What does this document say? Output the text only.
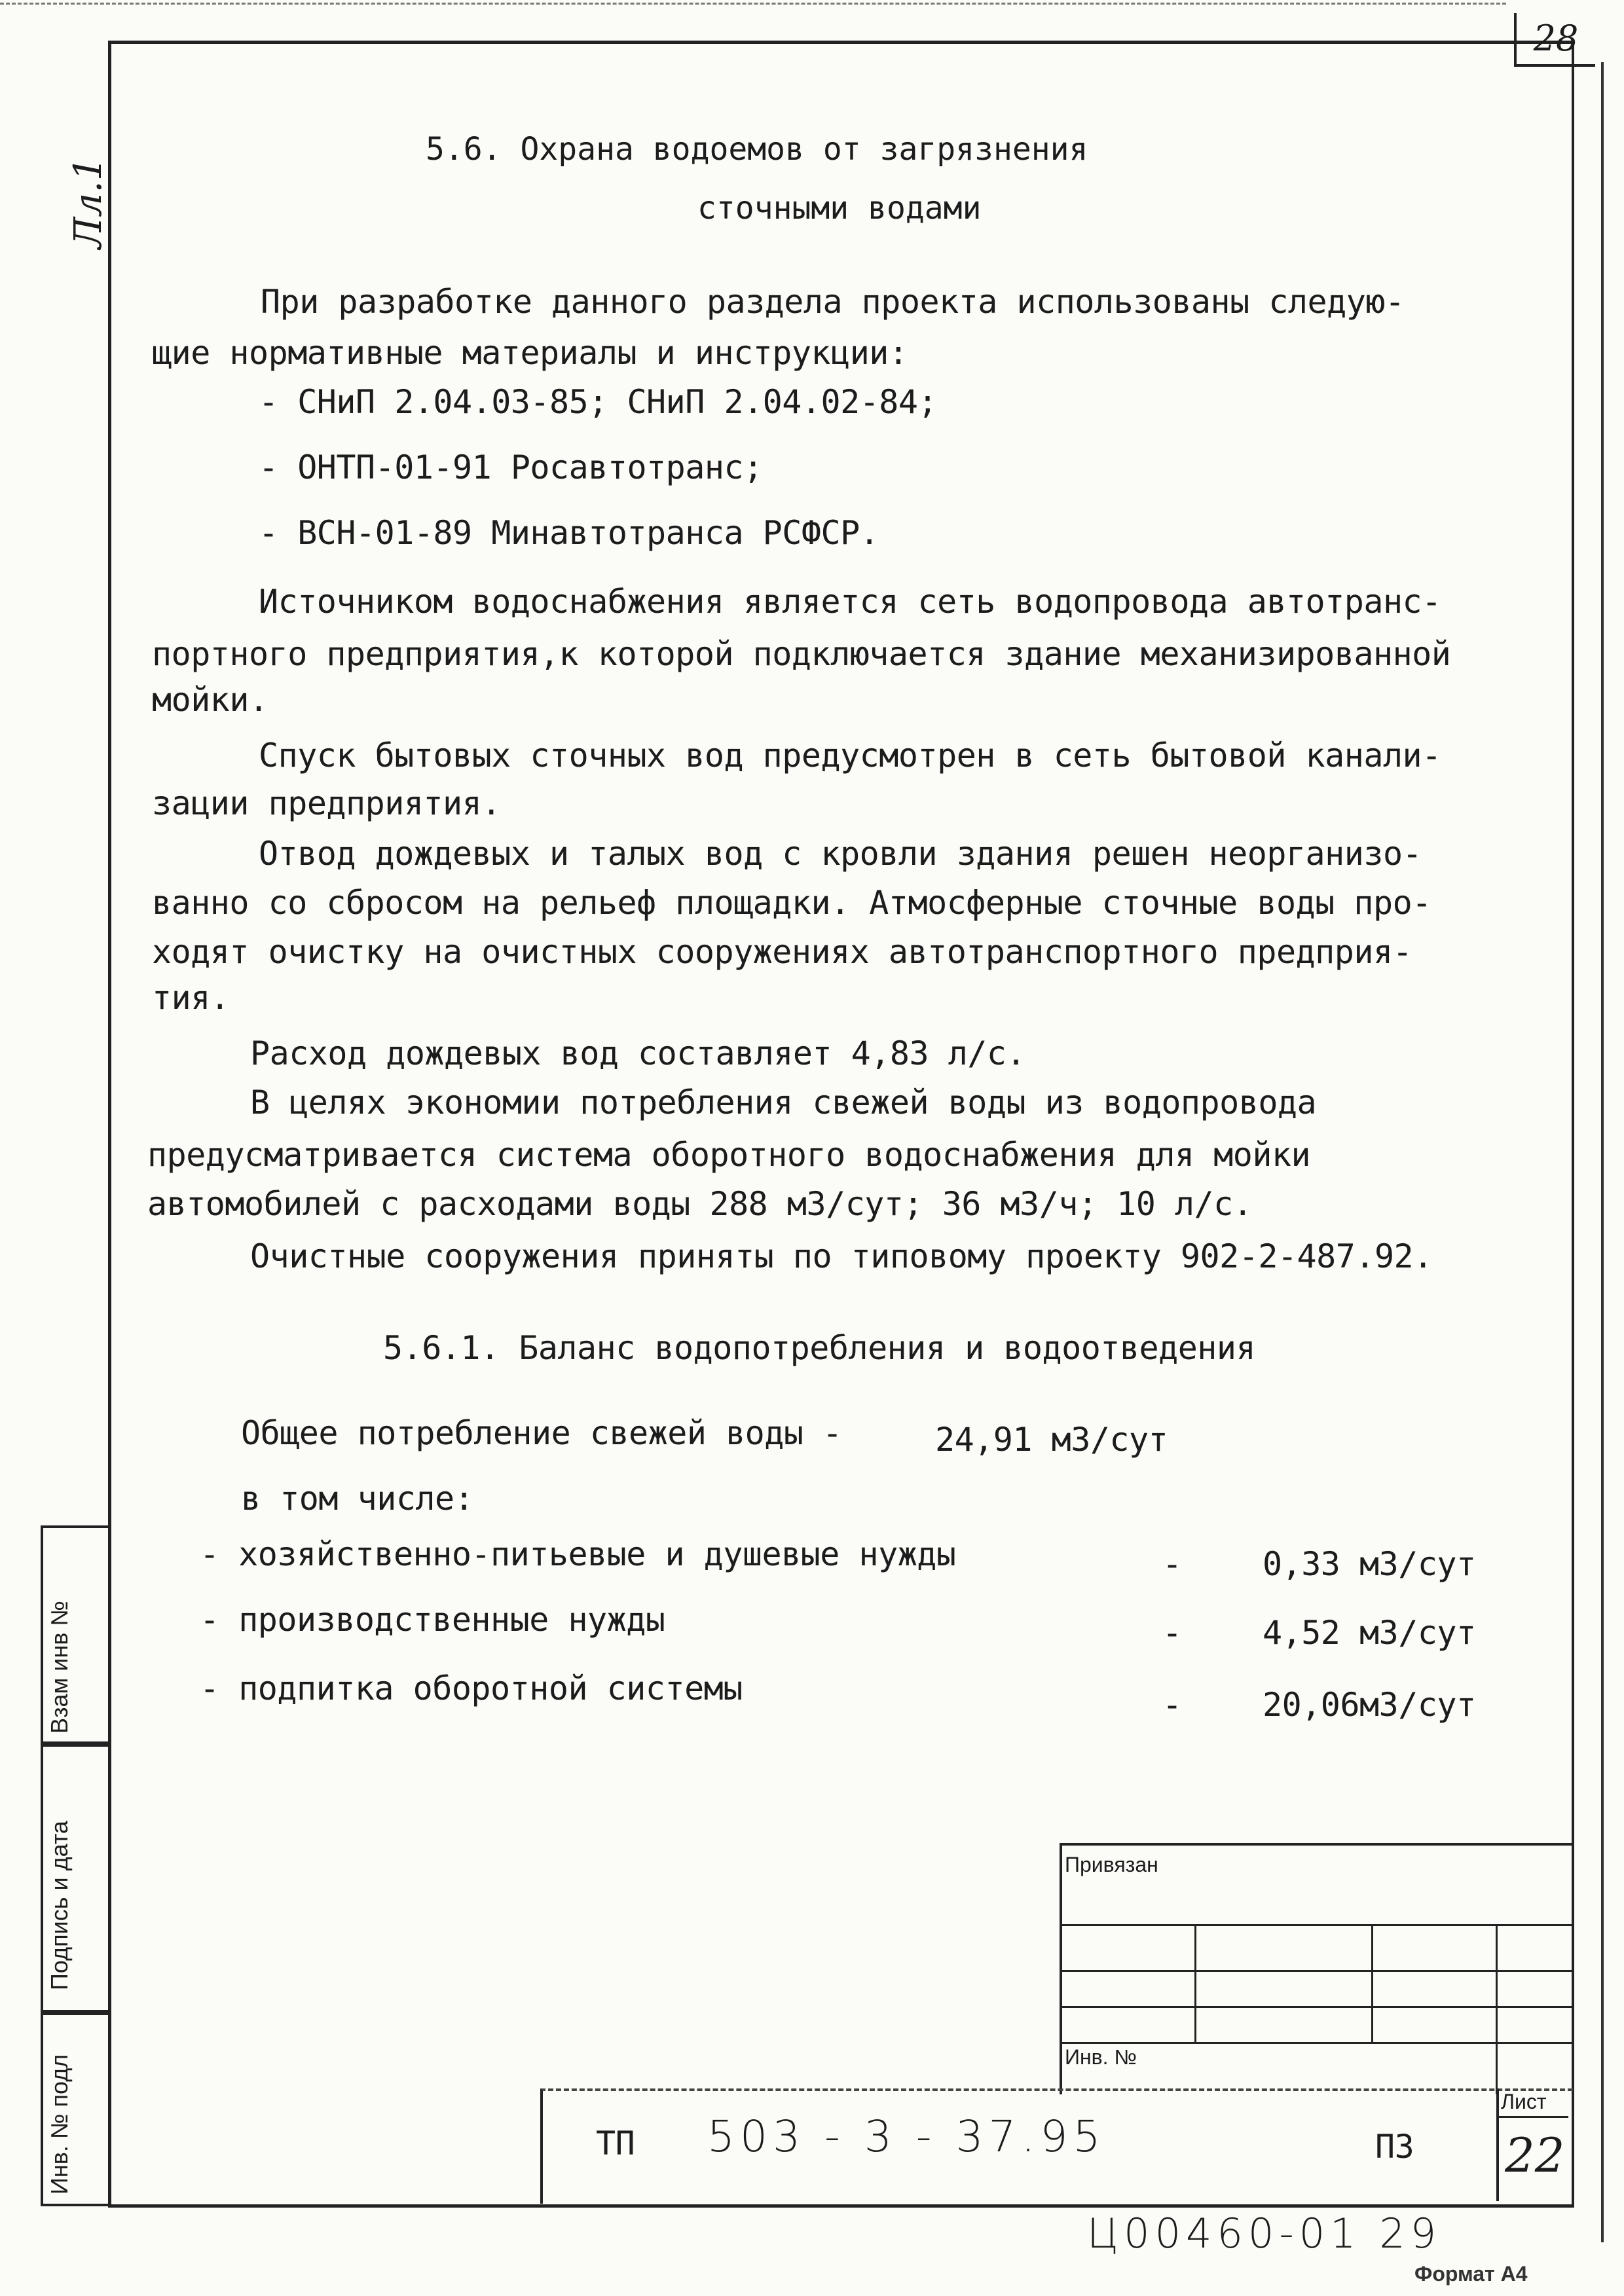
28
Лл.1
5.6. Охрана водоемов от загрязнения
сточными водами
При разработке данного раздела проекта использованы следую-
щие нормативные материалы и инструкции:
- СНиП 2.04.03-85; СНиП 2.04.02-84;
- ОНТП-01-91 Росавтотранс;
- ВСН-01-89 Минавтотранса РСФСР.
Источником водоснабжения является сеть водопровода автотранс-
портного предприятия,к которой подключается здание механизированной
мойки.
Спуск бытовых сточных вод предусмотрен в сеть бытовой канали-
зации предприятия.
Отвод дождевых и талых вод с кровли здания решен неорганизо-
ванно со сбросом на рельеф площадки. Атмосферные сточные воды про-
ходят очистку на очистных сооружениях автотранспортного предприя-
тия.
Расход дождевых вод составляет 4,83 л/с.
В целях экономии потребления свежей воды из водопровода
предусматривается система оборотного водоснабжения для мойки
автомобилей с расходами воды 288 м3/сут; 36 м3/ч; 10 л/с.
Очистные сооружения приняты по типовому проекту 902-2-487.92.
5.6.1. Баланс водопотребления и водоотведения
Общее потребление свежей воды -	24,91 м3/сут
в том числе:
- хозяйственно-питьевые и душевые нужды	- 0,33 м3/сут
- производственные нужды	- 4,52 м3/сут
- подпитка оборотной системы	- 20,06м3/сут
Взам инв №
Подпись и дата
Инв. № подл
Привязан
Инв. №
ТП 503 - 3 - 37.95	ПЗ
Лист
22
Ц00460-01 29
Формат А4
